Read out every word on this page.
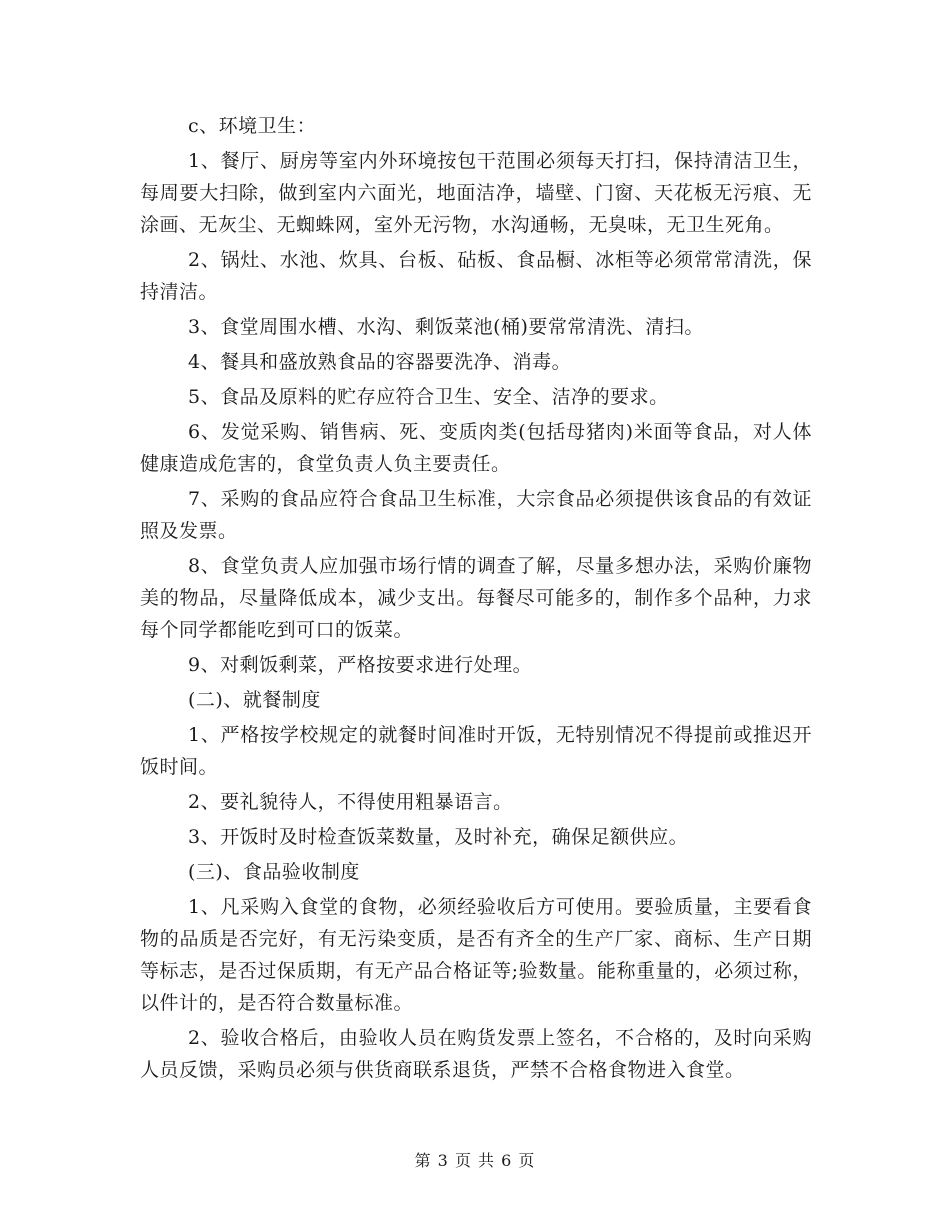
c、环境卫生：

1、餐厅、厨房等室内外环境按包干范围必须每天打扫，保持清洁卫生，每周要大扫除，做到室内六面光，地面洁净，墙壁、门窗、天花板无污痕、无涂画、无灰尘、无蜘蛛网，室外无污物，水沟通畅，无臭味，无卫生死角。

2、锅灶、水池、炊具、台板、砧板、食品橱、冰柜等必须常常清洗，保持清洁。

3、食堂周围水槽、水沟、剩饭菜池(桶)要常常清洗、清扫。

4、餐具和盛放熟食品的容器要洗净、消毒。

5、食品及原料的贮存应符合卫生、安全、洁净的要求。

6、发觉采购、销售病、死、变质肉类(包括母猪肉)米面等食品，对人体健康造成危害的，食堂负责人负主要责任。

7、采购的食品应符合食品卫生标准，大宗食品必须提供该食品的有效证照及发票。

8、食堂负责人应加强市场行情的调查了解，尽量多想办法，采购价廉物美的物品，尽量降低成本，减少支出。每餐尽可能多的，制作多个品种，力求每个同学都能吃到可口的饭菜。

9、对剩饭剩菜，严格按要求进行处理。

(二)、就餐制度

1、严格按学校规定的就餐时间准时开饭，无特别情况不得提前或推迟开饭时间。

2、要礼貌待人，不得使用粗暴语言。

3、开饭时及时检查饭菜数量，及时补充，确保足额供应。

(三)、食品验收制度

1、凡采购入食堂的食物，必须经验收后方可使用。要验质量，主要看食物的品质是否完好，有无污染变质，是否有齐全的生产厂家、商标、生产日期等标志，是否过保质期，有无产品合格证等;验数量。能称重量的，必须过称，以件计的，是否符合数量标准。

2、验收合格后，由验收人员在购货发票上签名，不合格的，及时向采购人员反馈，采购员必须与供货商联系退货，严禁不合格食物进入食堂。

第 3 页 共 6 页
